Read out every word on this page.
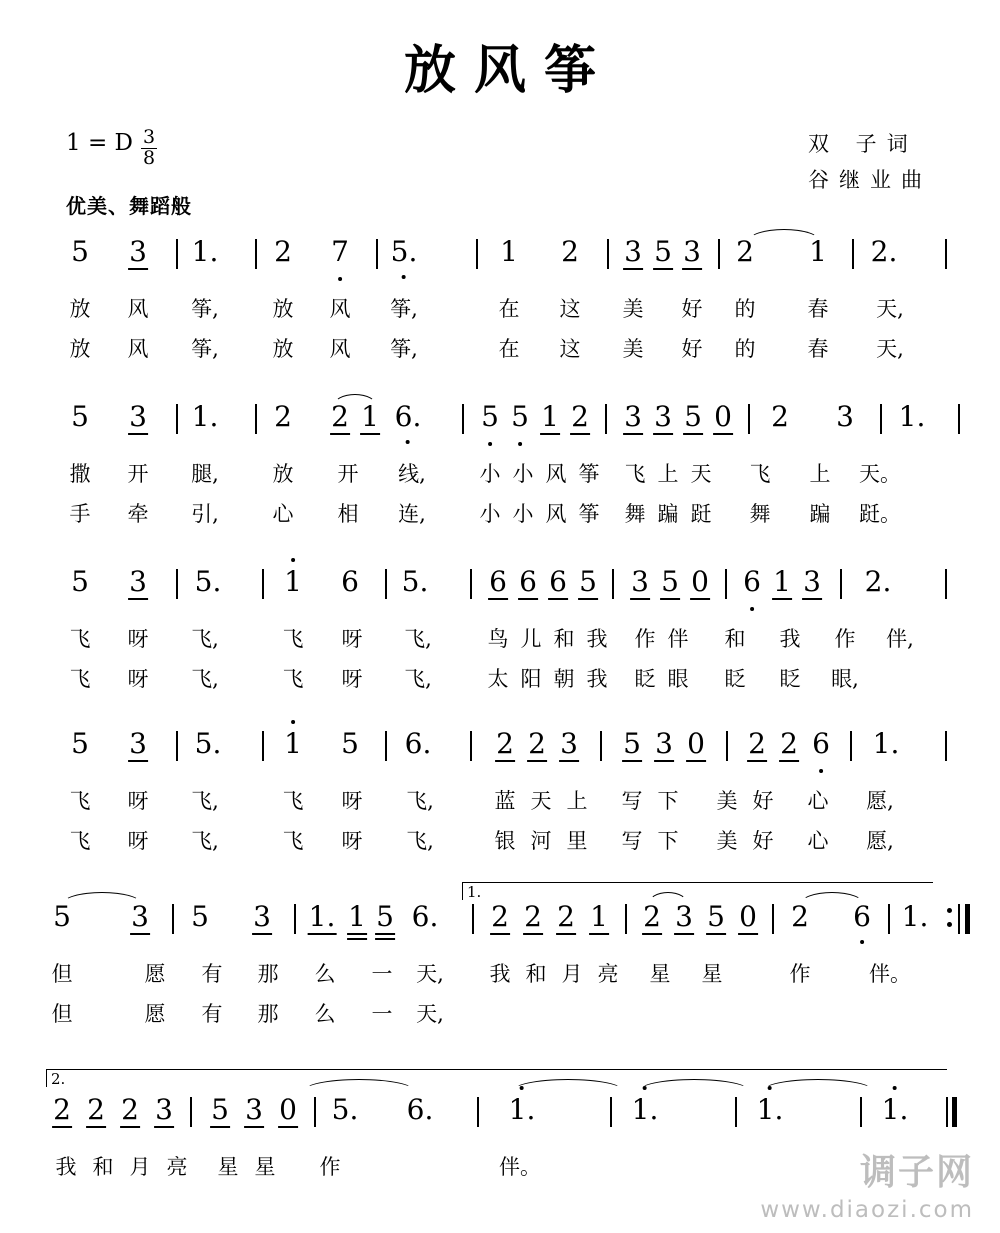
放风筝
双 子词
谷继业曲
1 = D $\frac{3}{8}$
优美、舞蹈般
5 3 1. 2 7 5.	1 2 3 5 3 2 1 2.
放 风 筝,	放 风 筝,	在 这 美 好 的 春 天,
放 风 筝,	放 风 筝,	在 这 美 好 的 春 天,
5 3 1. 2 2 1 6. 5 5 1 2 3 3 5 0 2 3 1.
撒 开 腿,	放 开 线,	小 小 风 筝 飞 上 天 飞 上 天。
手 牵 引,	心 相 连,	小 小 风 筝 舞 蹁 跹 舞 蹁 跹。
5 3 5. 1 6 5. 6 6 6 5 3 5 0 6 1 3 2.
飞 呀 飞,	飞 呀 飞,	鸟 儿 和 我 作 伴 和 我 作 伴,
飞 呀 飞,	飞 呀 飞,	太 阳 朝 我 眨 眼 眨 眨 眼,
5 3 5. 1 5 6. 2 2 3 5 3 0 2 2 6 1.
飞 呀 飞,	飞 呀 飞,	蓝 天 上 写 下 美 好 心 愿,
飞 呀 飞,	飞 呀 飞,	银 河 里 写 下 美 好 心 愿,
1.
5 3 5 3 1. 1 5 6. 2 2 2 1 2 3 5 0 2 6 1.
但	愿 有 那 么 一 天, 我 和 月 亮 星 星	作	伴。
但	愿 有 那 么 一 天,
2.
2 2 2 3 5 3 0 5. 6.	1.	1.	1.	1.
我 和 月 亮 星 星 作	伴。	调子网
www.diaozi.com
